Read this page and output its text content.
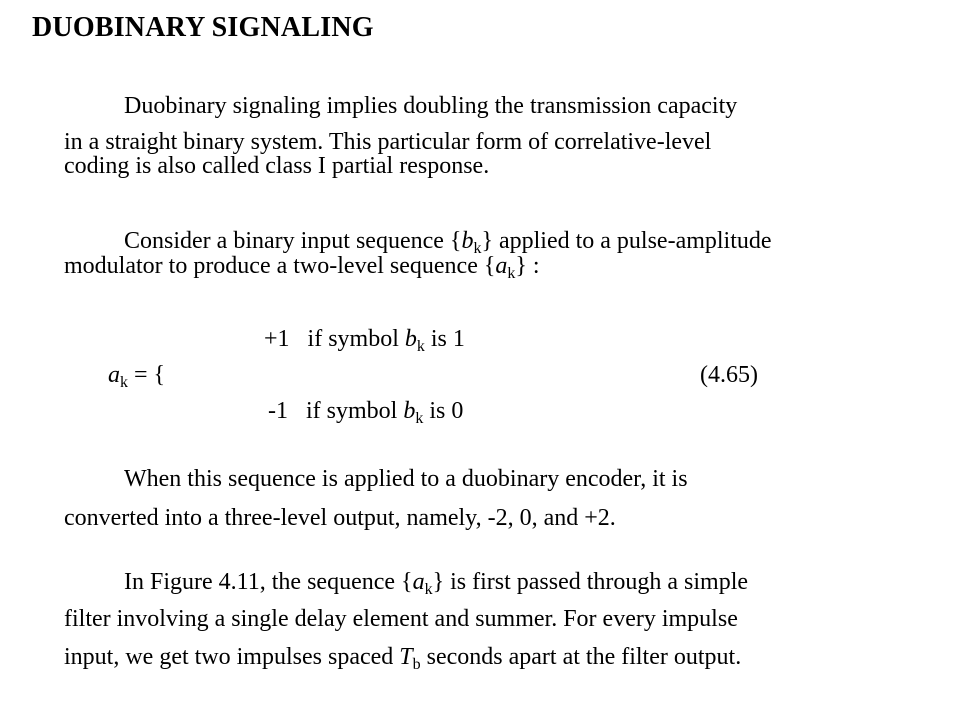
DUOBINARY SIGNALING
Duobinary signaling implies doubling the transmission capacity
in a straight binary system. This particular form of correlative-level
coding is also called class I partial response.
Consider a binary input sequence $\{b_k\}$ applied to a pulse-amplitude
modulator to produce a two-level sequence $\{a_k\}$ :
+1   if symbol $b_k$ is 1
$a_k$ = {	(4.65)
-1   if symbol $b_k$ is 0
When this sequence is applied to a duobinary encoder, it is
converted into a three-level output, namely, -2, 0, and +2.
In Figure 4.11, the sequence $\{a_k\}$ is first passed through a simple
filter involving a single delay element and summer. For every impulse
input, we get two impulses spaced $T_b$ seconds apart at the filter output.
